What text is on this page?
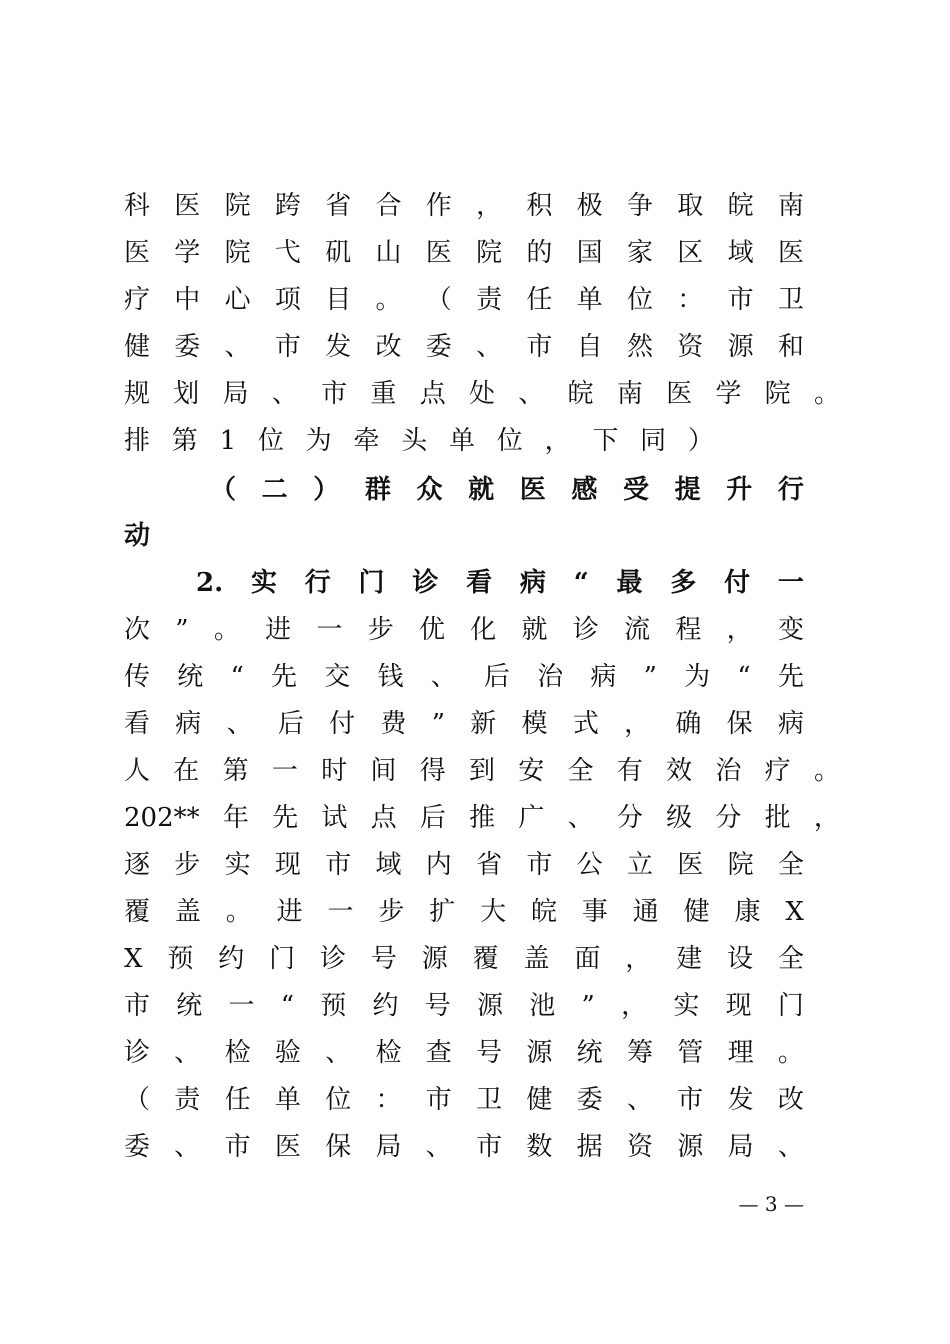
科 医 院 跨 省 合 作 ， 积 极 争 取 皖 南
医 学 院 弋 矶 山 医 院 的 国 家 区 域 医
疗 中 心 项 目 。 （ 责 任 单 位 ： 市 卫
健 委 、 市 发 改 委 、 市 自 然 资 源 和
规 划 局 、 市 重 点 处 、 皖 南 医 学 院 。
排 第 1 位 为 牵 头 单 位 ， 下 同 ）
（ 二 ） 群 众 就 医 感 受 提 升 行
动
2. 实 行 门 诊 看 病 “ 最 多 付 一
次 ” 。 进 一 步 优 化 就 诊 流 程 ， 变
传 统 “ 先 交 钱 、 后 治 病 ” 为 “ 先
看 病 、 后 付 费 ” 新 模 式 ， 确 保 病
人 在 第 一 时 间 得 到 安 全 有 效 治 疗 。
202** 年 先 试 点 后 推 广 、 分 级 分 批 ，
逐 步 实 现 市 域 内 省 市 公 立 医 院 全
覆 盖 。 进 一 步 扩 大 皖 事 通 健 康 X
X 预 约 门 诊 号 源 覆 盖 面 ， 建 设 全
市 统 一 “ 预 约 号 源 池 ” ， 实 现 门
诊 、 检 验 、 检 查 号 源 统 筹 管 理 。
（ 责 任 单 位 ： 市 卫 健 委 、 市 发 改
委 、 市 医 保 局 、 市 数 据 资 源 局 、
— 3 —
